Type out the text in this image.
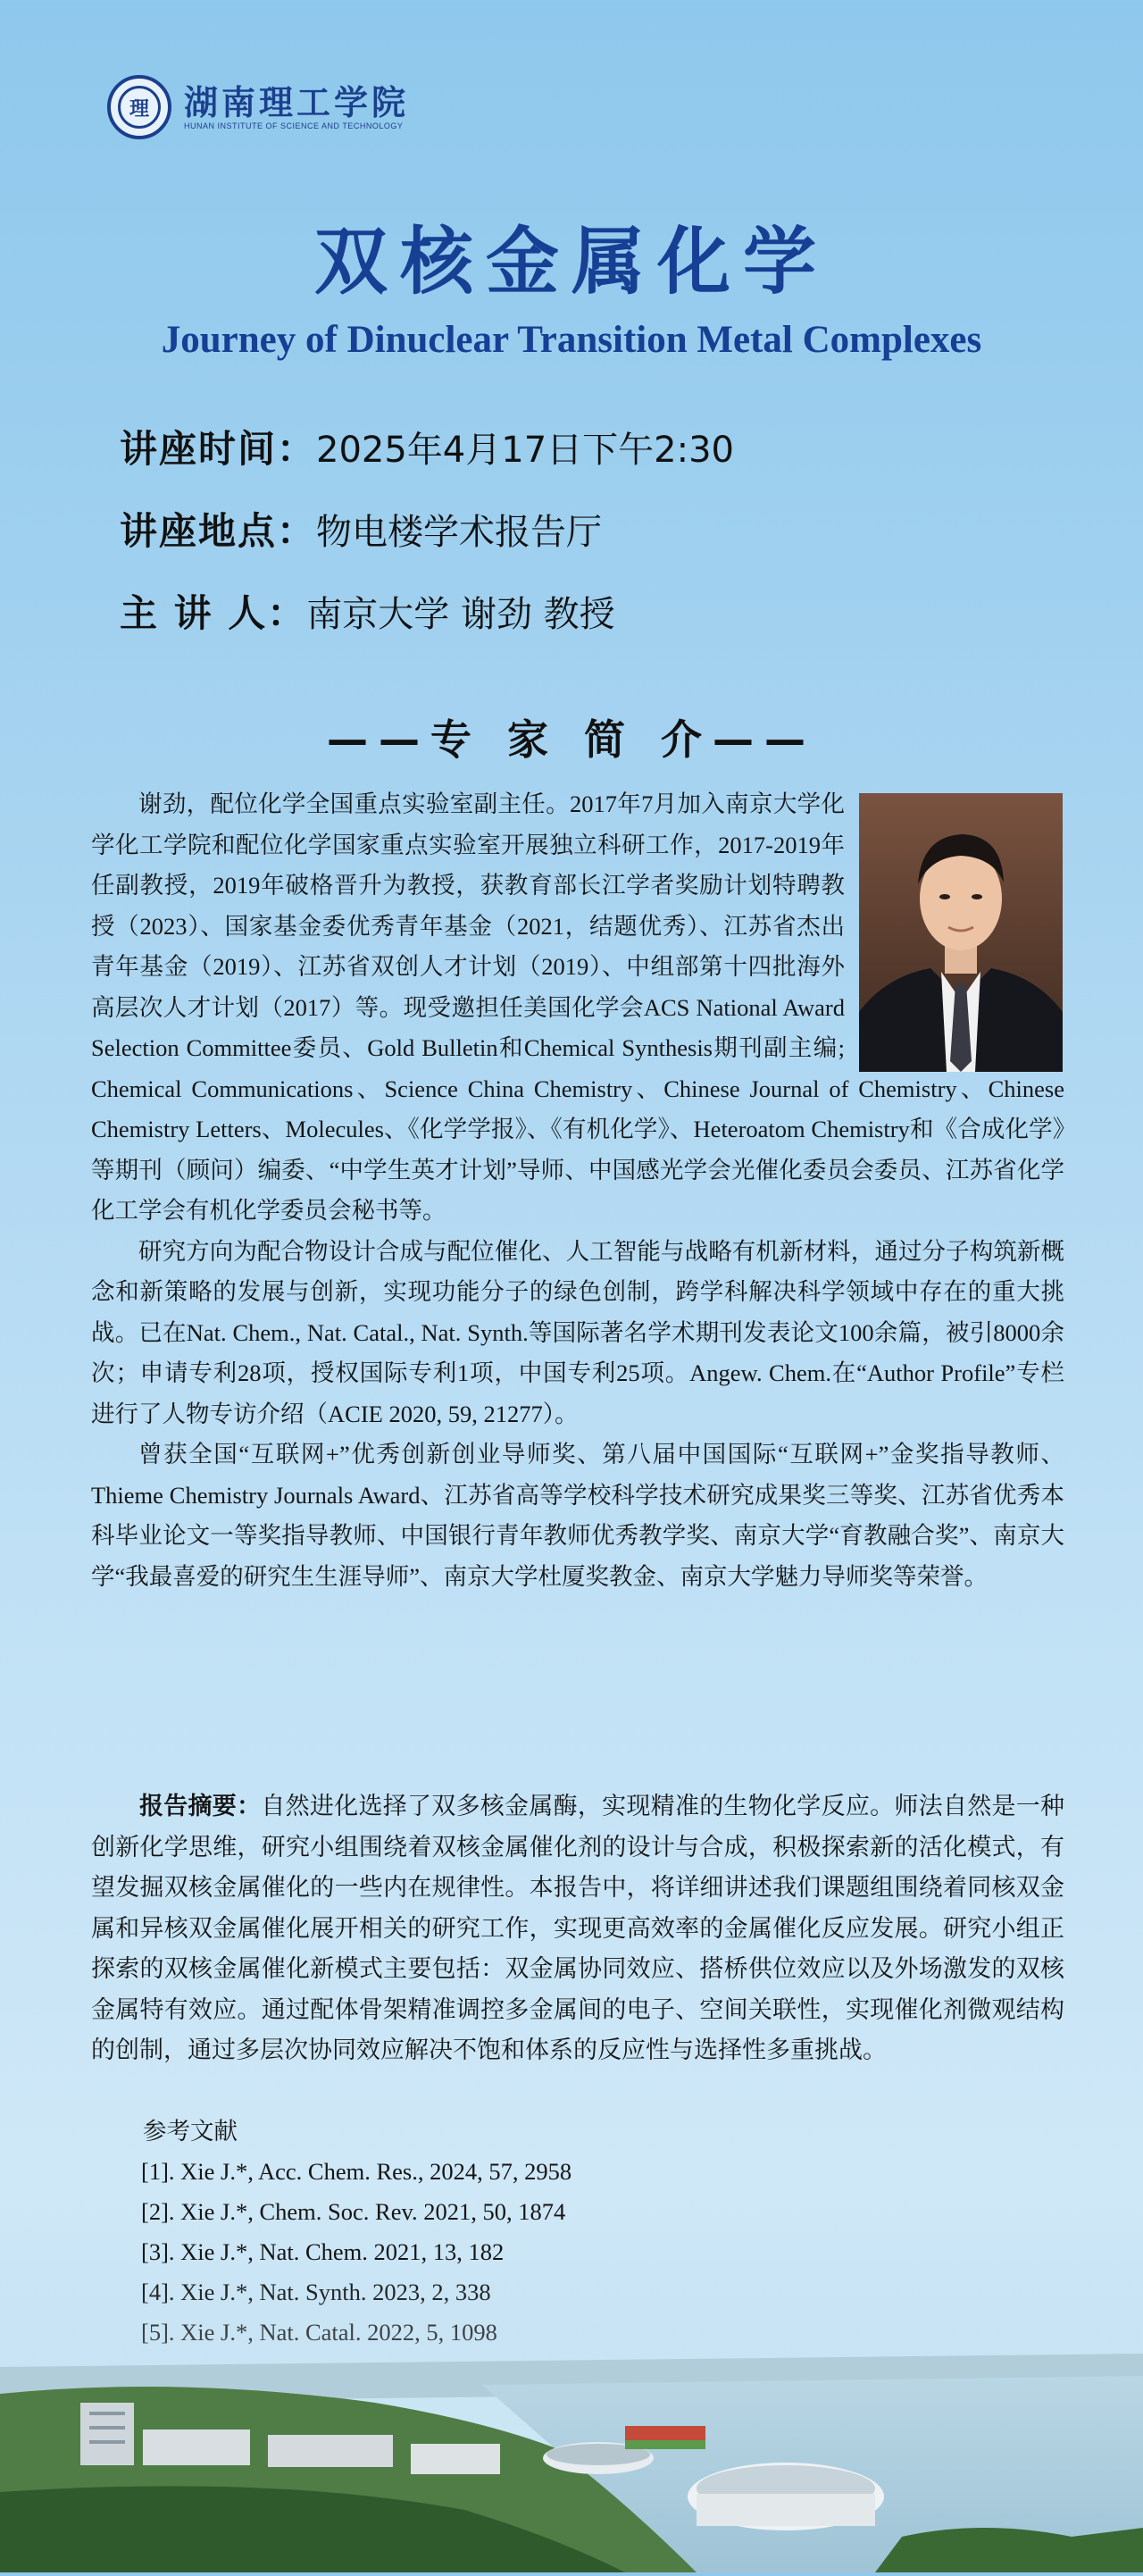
理	湖南理工学院
HUNAN INSTITUTE OF SCIENCE AND TECHNOLOGY
双核金属化学
Journey of Dinuclear Transition Metal Complexes
讲座时间：2025年4月17日下午2:30
讲座地点：物电楼学术报告厅
主 讲 人：南京大学 谢劲 教授
——专 家 简 介——

谢劲，配位化学全国重点实验室副主任。2017年7月加入南京大学化学化工学院和配位化学国家重点实验室开展独立科研工作，2017-2019年任副教授，2019年破格晋升为教授，获教育部长江学者奖励计划特聘教授（2023）、国家基金委优秀青年基金（2021，结题优秀）、江苏省杰出青年基金（2019）、江苏省双创人才计划（2019）、中组部第十四批海外高层次人才计划（2017）等。现受邀担任美国化学会ACS National Award Selection Committee委员、Gold Bulletin和Chemical Synthesis期刊副主编; Chemical Communications、Science China Chemistry、Chinese Journal of Chemistry、Chinese Chemistry Letters、Molecules、《化学学报》、《有机化学》、Heteroatom Chemistry和《合成化学》等期刊（顾问）编委、“中学生英才计划”导师、中国感光学会光催化委员会委员、江苏省化学化工学会有机化学委员会秘书等。

研究方向为配合物设计合成与配位催化、人工智能与战略有机新材料，通过分子构筑新概念和新策略的发展与创新，实现功能分子的绿色创制，跨学科解决科学领域中存在的重大挑战。已在Nat. Chem., Nat. Catal., Nat. Synth.等国际著名学术期刊发表论文100余篇，被引8000余次；申请专利28项，授权国际专利1项，中国专利25项。Angew. Chem.在“Author Profile”专栏进行了人物专访介绍（ACIE 2020, 59, 21277）。

曾获全国“互联网+”优秀创新创业导师奖、第八届中国国际“互联网+”金奖指导教师、Thieme Chemistry Journals Award、江苏省高等学校科学技术研究成果奖三等奖、江苏省优秀本科毕业论文一等奖指导教师、中国银行青年教师优秀教学奖、南京大学“育教融合奖”、南京大学“我最喜爱的研究生生涯导师”、南京大学杜厦奖教金、南京大学魅力导师奖等荣誉。

报告摘要：自然进化选择了双多核金属酶，实现精准的生物化学反应。师法自然是一种创新化学思维，研究小组围绕着双核金属催化剂的设计与合成，积极探索新的活化模式，有望发掘双核金属催化的一些内在规律性。本报告中，将详细讲述我们课题组围绕着同核双金属和异核双金属催化展开相关的研究工作，实现更高效率的金属催化反应发展。研究小组正探索的双核金属催化新模式主要包括：双金属协同效应、搭桥供位效应以及外场激发的双核金属特有效应。通过配体骨架精准调控多金属间的电子、空间关联性，实现催化剂微观结构的创制，通过多层次协同效应解决不饱和体系的反应性与选择性多重挑战。

参考文献
[1]. Xie J.*, Acc. Chem. Res., 2024, 57, 2958
[2]. Xie J.*, Chem. Soc. Rev. 2021, 50, 1874
[3]. Xie J.*, Nat. Chem. 2021, 13, 182
